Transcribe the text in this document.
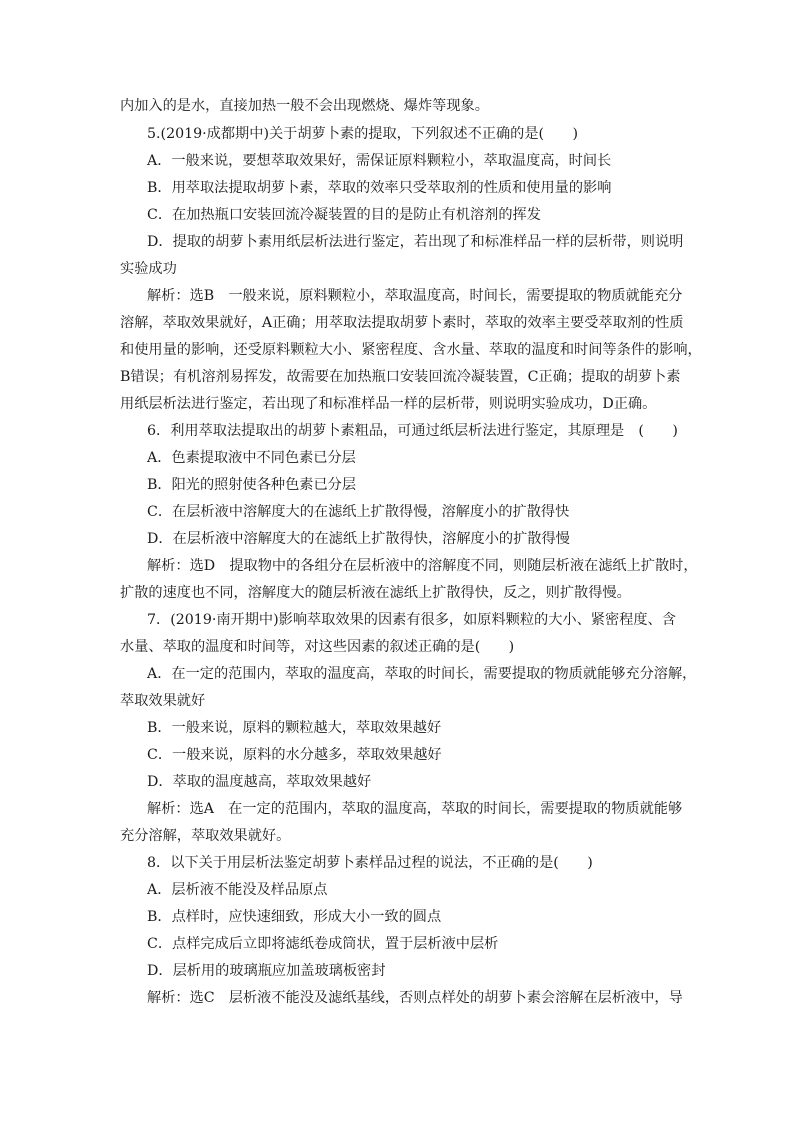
内加入的是水，直接加热一般不会出现燃烧、爆炸等现象。
5.(2019·成都期中)关于胡萝卜素的提取，下列叙述不正确的是(　　)
A．一般来说，要想萃取效果好，需保证原料颗粒小，萃取温度高，时间长
B．用萃取法提取胡萝卜素，萃取的效率只受萃取剂的性质和使用量的影响
C．在加热瓶口安装回流冷凝装置的目的是防止有机溶剂的挥发
D．提取的胡萝卜素用纸层析法进行鉴定，若出现了和标准样品一样的层析带，则说明
实验成功
解析：选B　一般来说，原料颗粒小，萃取温度高，时间长，需要提取的物质就能充分
溶解，萃取效果就好，A正确；用萃取法提取胡萝卜素时，萃取的效率主要受萃取剂的性质
和使用量的影响，还受原料颗粒大小、紧密程度、含水量、萃取的温度和时间等条件的影响，
B错误；有机溶剂易挥发，故需要在加热瓶口安装回流冷凝装置，C正确；提取的胡萝卜素
用纸层析法进行鉴定，若出现了和标准样品一样的层析带，则说明实验成功，D正确。
6．利用萃取法提取出的胡萝卜素粗品，可通过纸层析法进行鉴定，其原理是　(　　)
A．色素提取液中不同色素已分层
B．阳光的照射使各种色素已分层
C．在层析液中溶解度大的在滤纸上扩散得慢，溶解度小的扩散得快
D．在层析液中溶解度大的在滤纸上扩散得快，溶解度小的扩散得慢
解析：选D　提取物中的各组分在层析液中的溶解度不同，则随层析液在滤纸上扩散时，
扩散的速度也不同，溶解度大的随层析液在滤纸上扩散得快，反之，则扩散得慢。
7．(2019·南开期中)影响萃取效果的因素有很多，如原料颗粒的大小、紧密程度、含
水量、萃取的温度和时间等，对这些因素的叙述正确的是(　　)
A．在一定的范围内，萃取的温度高，萃取的时间长，需要提取的物质就能够充分溶解，
萃取效果就好
B．一般来说，原料的颗粒越大，萃取效果越好
C．一般来说，原料的水分越多，萃取效果越好
D．萃取的温度越高，萃取效果越好
解析：选A　在一定的范围内，萃取的温度高，萃取的时间长，需要提取的物质就能够
充分溶解，萃取效果就好。
8．以下关于用层析法鉴定胡萝卜素样品过程的说法，不正确的是(　　)
A．层析液不能没及样品原点
B．点样时，应快速细致，形成大小一致的圆点
C．点样完成后立即将滤纸卷成筒状，置于层析液中层析
D．层析用的玻璃瓶应加盖玻璃板密封
解析：选C　层析液不能没及滤纸基线，否则点样处的胡萝卜素会溶解在层析液中，导
